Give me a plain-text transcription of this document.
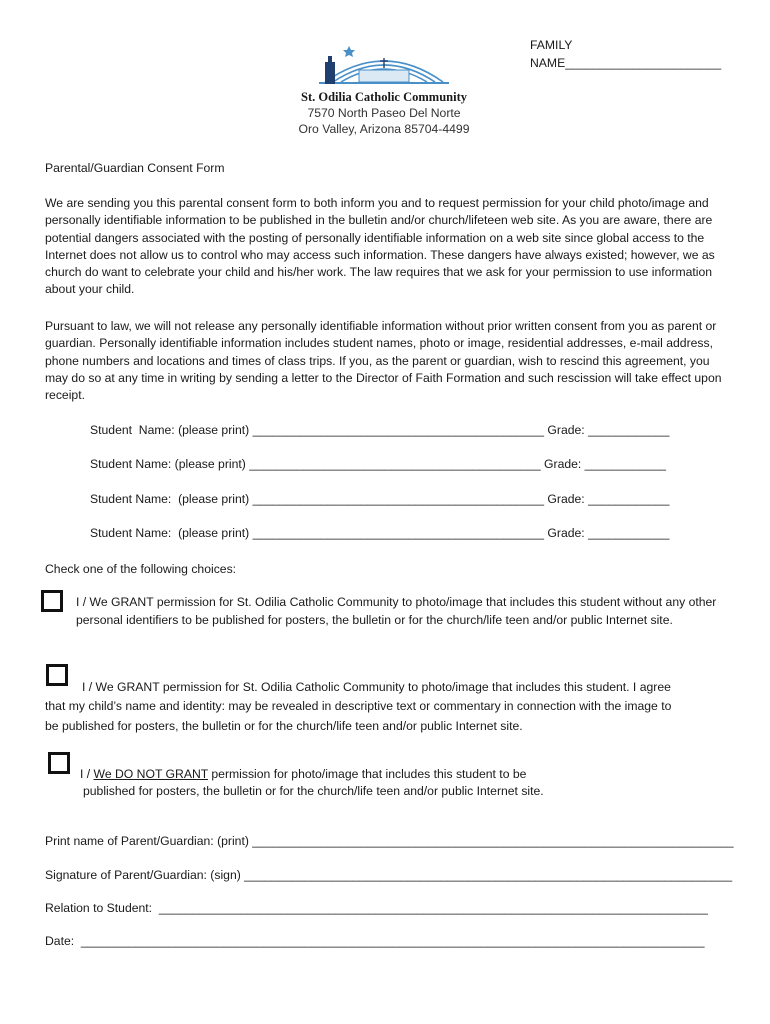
FAMILY
NAME_______________________
St. Odilia Catholic Community
7570 North Paseo Del Norte
Oro Valley, Arizona 85704-4499
Parental/Guardian Consent Form
We are sending you this parental consent form to both inform you and to request permission for your child photo/image and personally identifiable information to be published in the bulletin and/or church/lifeteen web site. As you are aware, there are potential dangers associated with the posting of personally identifiable information on a web site since global access to the Internet does not allow us to control who may access such information. These dangers have always existed; however, we as church do want to celebrate your child and his/her work. The law requires that we ask for your permission to use information about your child.
Pursuant to law, we will not release any personally identifiable information without prior written consent from you as parent or guardian. Personally identifiable information includes student names, photo or image, residential addresses, e-mail address, phone numbers and locations and times of class trips. If you, as the parent or guardian, wish to rescind this agreement, you may do so at any time in writing by sending a letter to the Director of Faith Formation and such rescission will take effect upon receipt.
Student  Name: (please print) ___________________________________________ Grade: ____________
Student Name: (please print) ___________________________________________ Grade: ____________
Student Name:  (please print) ___________________________________________ Grade: ____________
Student Name:  (please print) ___________________________________________ Grade: ____________
Check one of the following choices:
I / We GRANT permission for St. Odilia Catholic Community to photo/image that includes this student without any other personal identifiers to be published for posters, the bulletin or for the church/life teen and/or public Internet site.
I / We GRANT permission for St. Odilia Catholic Community to photo/image that includes this student. I agree
that my child’s name and identity: may be revealed in descriptive text or commentary in connection with the image to
be published for posters, the bulletin or for the church/life teen and/or public Internet site.
I / We DO NOT GRANT permission for photo/image that includes this student to be
published for posters, the bulletin or for the church/life teen and/or public Internet site.
Print name of Parent/Guardian: (print) _______________________________________________________________________
Signature of Parent/Guardian: (sign) ________________________________________________________________________
Relation to Student:  _________________________________________________________________________________
Date:  ____________________________________________________________________________________________
